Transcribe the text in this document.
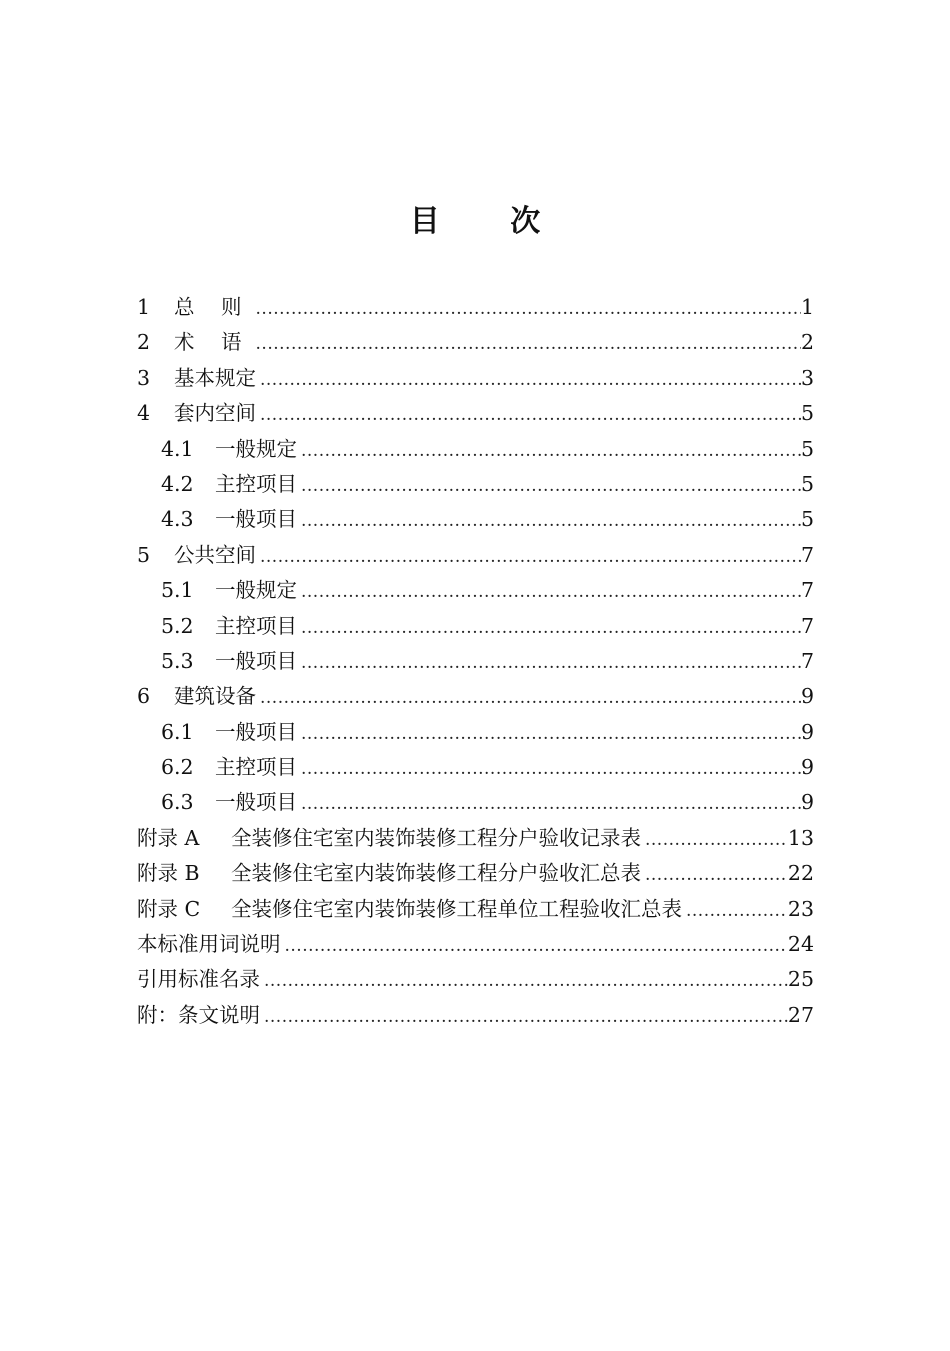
目 次
1	总 则 .....	1
2	术 语 .....	2
3	基本规定 .....	3
4	套内空间 .....	5
4.1	一般规定 .....	5
4.2	主控项目 .....	5
4.3	一般项目 .....	5
5	公共空间 .....	7
5.1	一般规定 .....	7
5.2	主控项目 .....	7
5.3	一般项目 .....	7
6	建筑设备 .....	9
6.1	一般项目 .....	9
6.2	主控项目 .....	9
6.3	一般项目 .....	9
附录 A	全装修住宅室内装饰装修工程分户验收记录表 .....	13
附录 B	全装修住宅室内装饰装修工程分户验收汇总表 .....	22
附录 C	全装修住宅室内装饰装修工程单位工程验收汇总表 .....	23
本标准用词说明 .....	24
引用标准名录 .....	25
附：条文说明 .....	27
